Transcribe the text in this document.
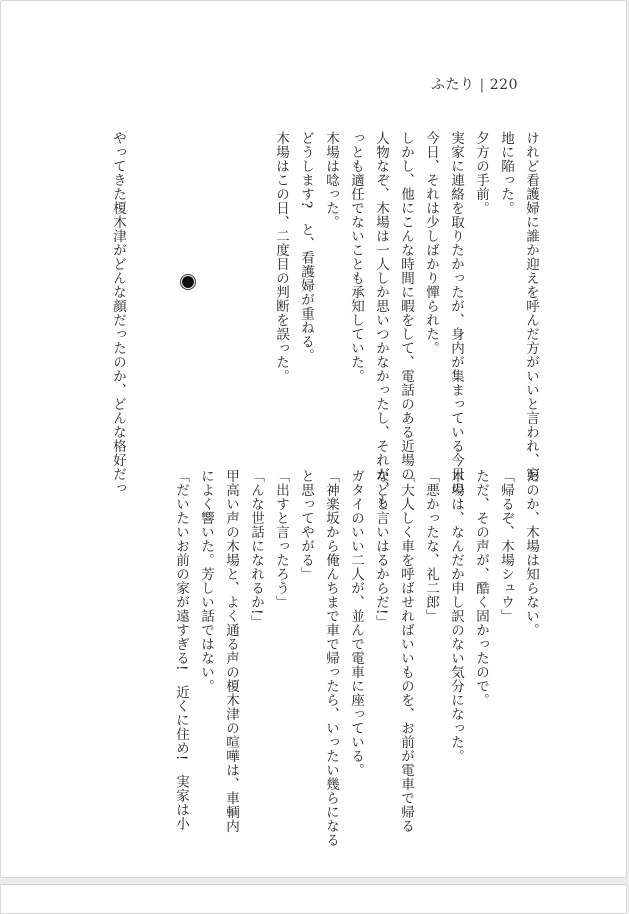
ふたり | 220
けれど看護婦に誰か迎えを呼んだ方がいいと言われ、窮
地に陥った。
夕方の手前。
実家に連絡を取りたかったが、身内が集まっている今日の
今日、それは少しばかり憚られた。
しかし、他にこんな時間に暇をして、電話のある近場の
人物なぞ、木場は一人しか思いつかなかったし、それが、も
っとも適任でないことも承知していた。
木場は唸った。
どうします?　と、看護婦が重ねる。
木場はこの日、二度目の判断を誤った。
たのか、木場は知らない。
「帰るぞ、木場シュウ」
ただ、その声が、酷く固かったので。
木場は、なんだか申し訳のない気分になった。
「悪かったな、礼二郎」
「大人しく車を呼ばせればいいものを、お前が電車で帰る
などと言いはるからだ!」
ガタイのいい二人が、並んで電車に座っている。
「神楽坂から俺んちまで車で帰ったら、いったい幾らになる
と思ってやがる」
「出すと言ったろう」
「んな世話になれるか!」
甲高い声の木場と、よく通る声の榎木津の喧嘩は、車輌内
によく響いた。芳しい話ではない。
「だいたいお前の家が遠すぎる!　近くに住め!　実家は小
やってきた榎木津がどんな顔だったのか、どんな格好だっ
